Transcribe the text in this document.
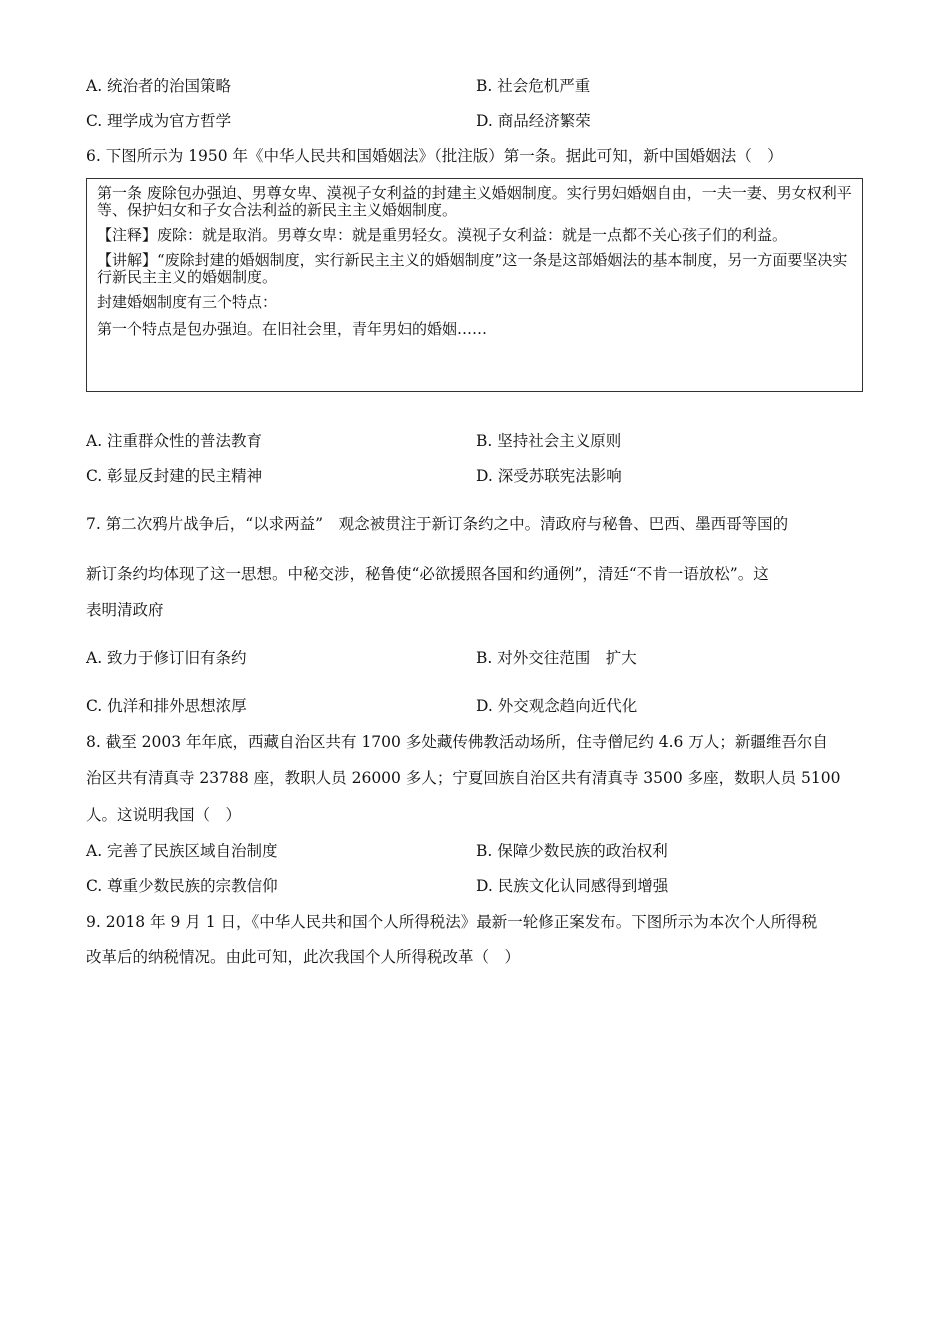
A. 统治者的治国策略	B. 社会危机严重
C. 理学成为官方哲学	D. 商品经济繁荣
6. 下图所示为 1950 年《中华人民共和国婚姻法》（批注版）第一条。据此可知，新中国婚姻法（　）

第一条 废除包办强迫、男尊女卑、漠视子女利益的封建主义婚姻制度。实行男妇婚姻自由，一夫一妻、男女权利平等、保护妇女和子女合法利益的新民主主义婚姻制度。

【注释】废除：就是取消。男尊女卑：就是重男轻女。漠视子女利益：就是一点都不关心孩子们的利益。

【讲解】“废除封建的婚姻制度，实行新民主主义的婚姻制度”这一条是这部婚姻法的基本制度，另一方面要坚决实行新民主主义的婚姻制度。

封建婚姻制度有三个特点：

第一个特点是包办强迫。在旧社会里，青年男妇的婚姻……

A. 注重群众性的普法教育	B. 坚持社会主义原则
C. 彰显反封建的民主精神	D. 深受苏联宪法影响
7. 第二次鸦片战争后，“以求两益”　观念被贯注于新订条约之中。清政府与秘鲁、巴西、墨西哥等国的
新订条约均体现了这一思想。中秘交涉，秘鲁使“必欲援照各国和约通例”，清廷“不肯一语放松”。这
表明清政府
A. 致力于修订旧有条约	B. 对外交往范围　扩大
C. 仇洋和排外思想浓厚	D. 外交观念趋向近代化
8. 截至 2003 年年底，西藏自治区共有 1700 多处藏传佛教活动场所，住寺僧尼约 4.6 万人；新疆维吾尔自
治区共有清真寺 23788 座，教职人员 26000 多人；宁夏回族自治区共有清真寺 3500 多座，数职人员 5100
人。这说明我国（　）
A. 完善了民族区域自治制度	B. 保障少数民族的政治权利
C. 尊重少数民族的宗教信仰	D. 民族文化认同感得到增强
9. 2018 年 9 月 1 日，《中华人民共和国个人所得税法》最新一轮修正案发布。下图所示为本次个人所得税
改革后的纳税情况。由此可知，此次我国个人所得税改革（　）
